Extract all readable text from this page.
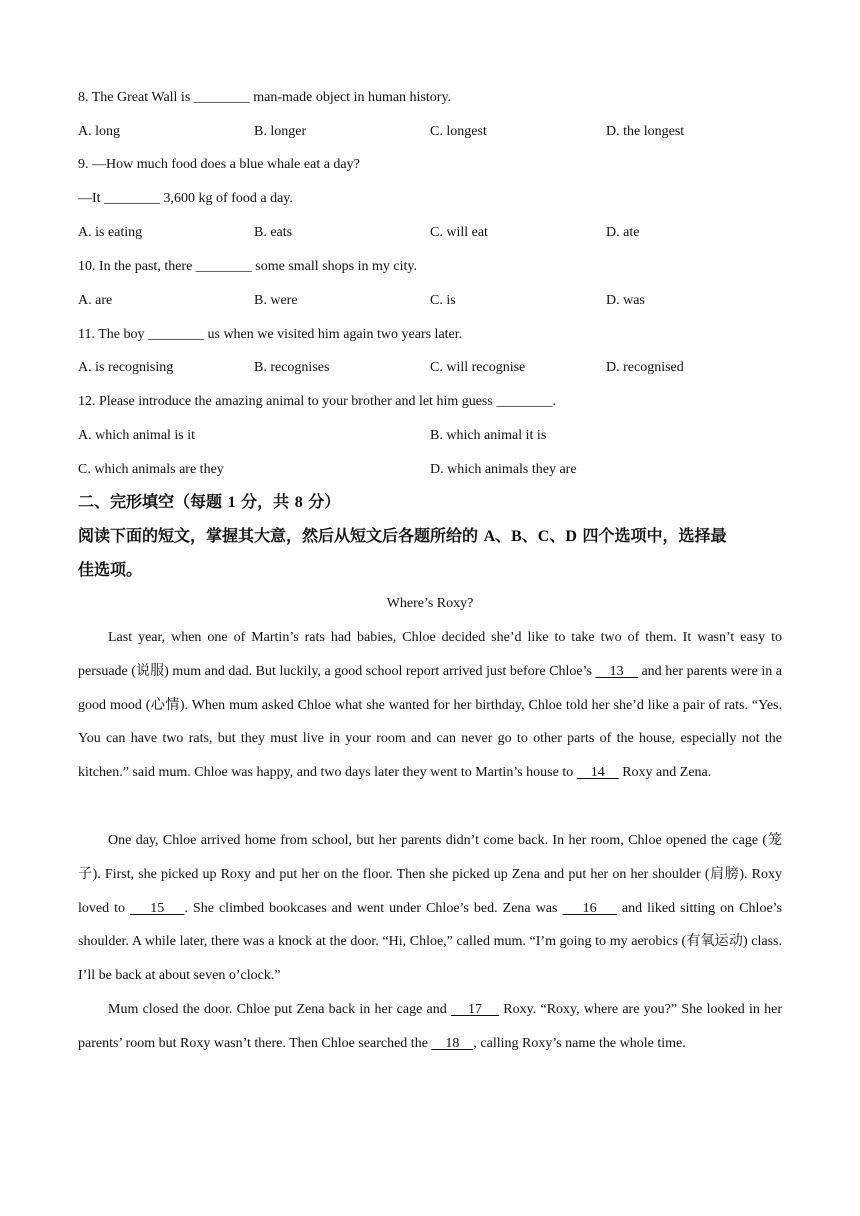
8. The Great Wall is ________ man-made object in human history.
A. long	B. longer	C. longest	D. the longest
9. —How much food does a blue whale eat a day?
—It ________ 3,600 kg of food a day.
A. is eating	B. eats	C. will eat	D. ate
10. In the past, there ________ some small shops in my city.
A. are	B. were	C. is	D. was
11. The boy ________ us when we visited him again two years later.
A. is recognising	B. recognises	C. will recognise	D. recognised
12. Please introduce the amazing animal to your brother and let him guess ________.
A. which animal is it	B. which animal it is
C. which animals are they	D. which animals they are
二、完形填空（每题 1 分，共 8 分）
阅读下面的短文，掌握其大意，然后从短文后各题所给的 A、B、C、D 四个选项中，选择最
佳选项。
Where’s Roxy?
Last year, when one of Martin’s rats had babies, Chloe decided she’d like to take two of them. It wasn’t easy to persuade (说服) mum and dad. But luckily, a good school report arrived just before Chloe’s     13     and her parents were in a good mood (心情). When mum asked Chloe what she wanted for her birthday, Chloe told her she’d like a pair of rats. “Yes. You can have two rats, but they must live in your room and can never go to other parts of the house, especially not the kitchen.” said mum. Chloe was happy, and two days later they went to Martin’s house to     14     Roxy and Zena.
One day, Chloe arrived home from school, but her parents didn’t come back. In her room, Chloe opened the cage (笼子). First, she picked up Roxy and put her on the floor. Then she picked up Zena and put her on her shoulder (肩膀). Roxy loved to     15    . She climbed bookcases and went under Chloe’s bed. Zena was     16     and liked sitting on Chloe’s shoulder. A while later, there was a knock at the door. “Hi, Chloe,” called mum. “I’m going to my aerobics (有氧运动) class. I’ll be back at about seven o’clock.”
Mum closed the door. Chloe put Zena back in her cage and     17     Roxy. “Roxy, where are you?” She looked in her parents’ room but Roxy wasn’t there. Then Chloe searched the     18    , calling Roxy’s name the whole time.
